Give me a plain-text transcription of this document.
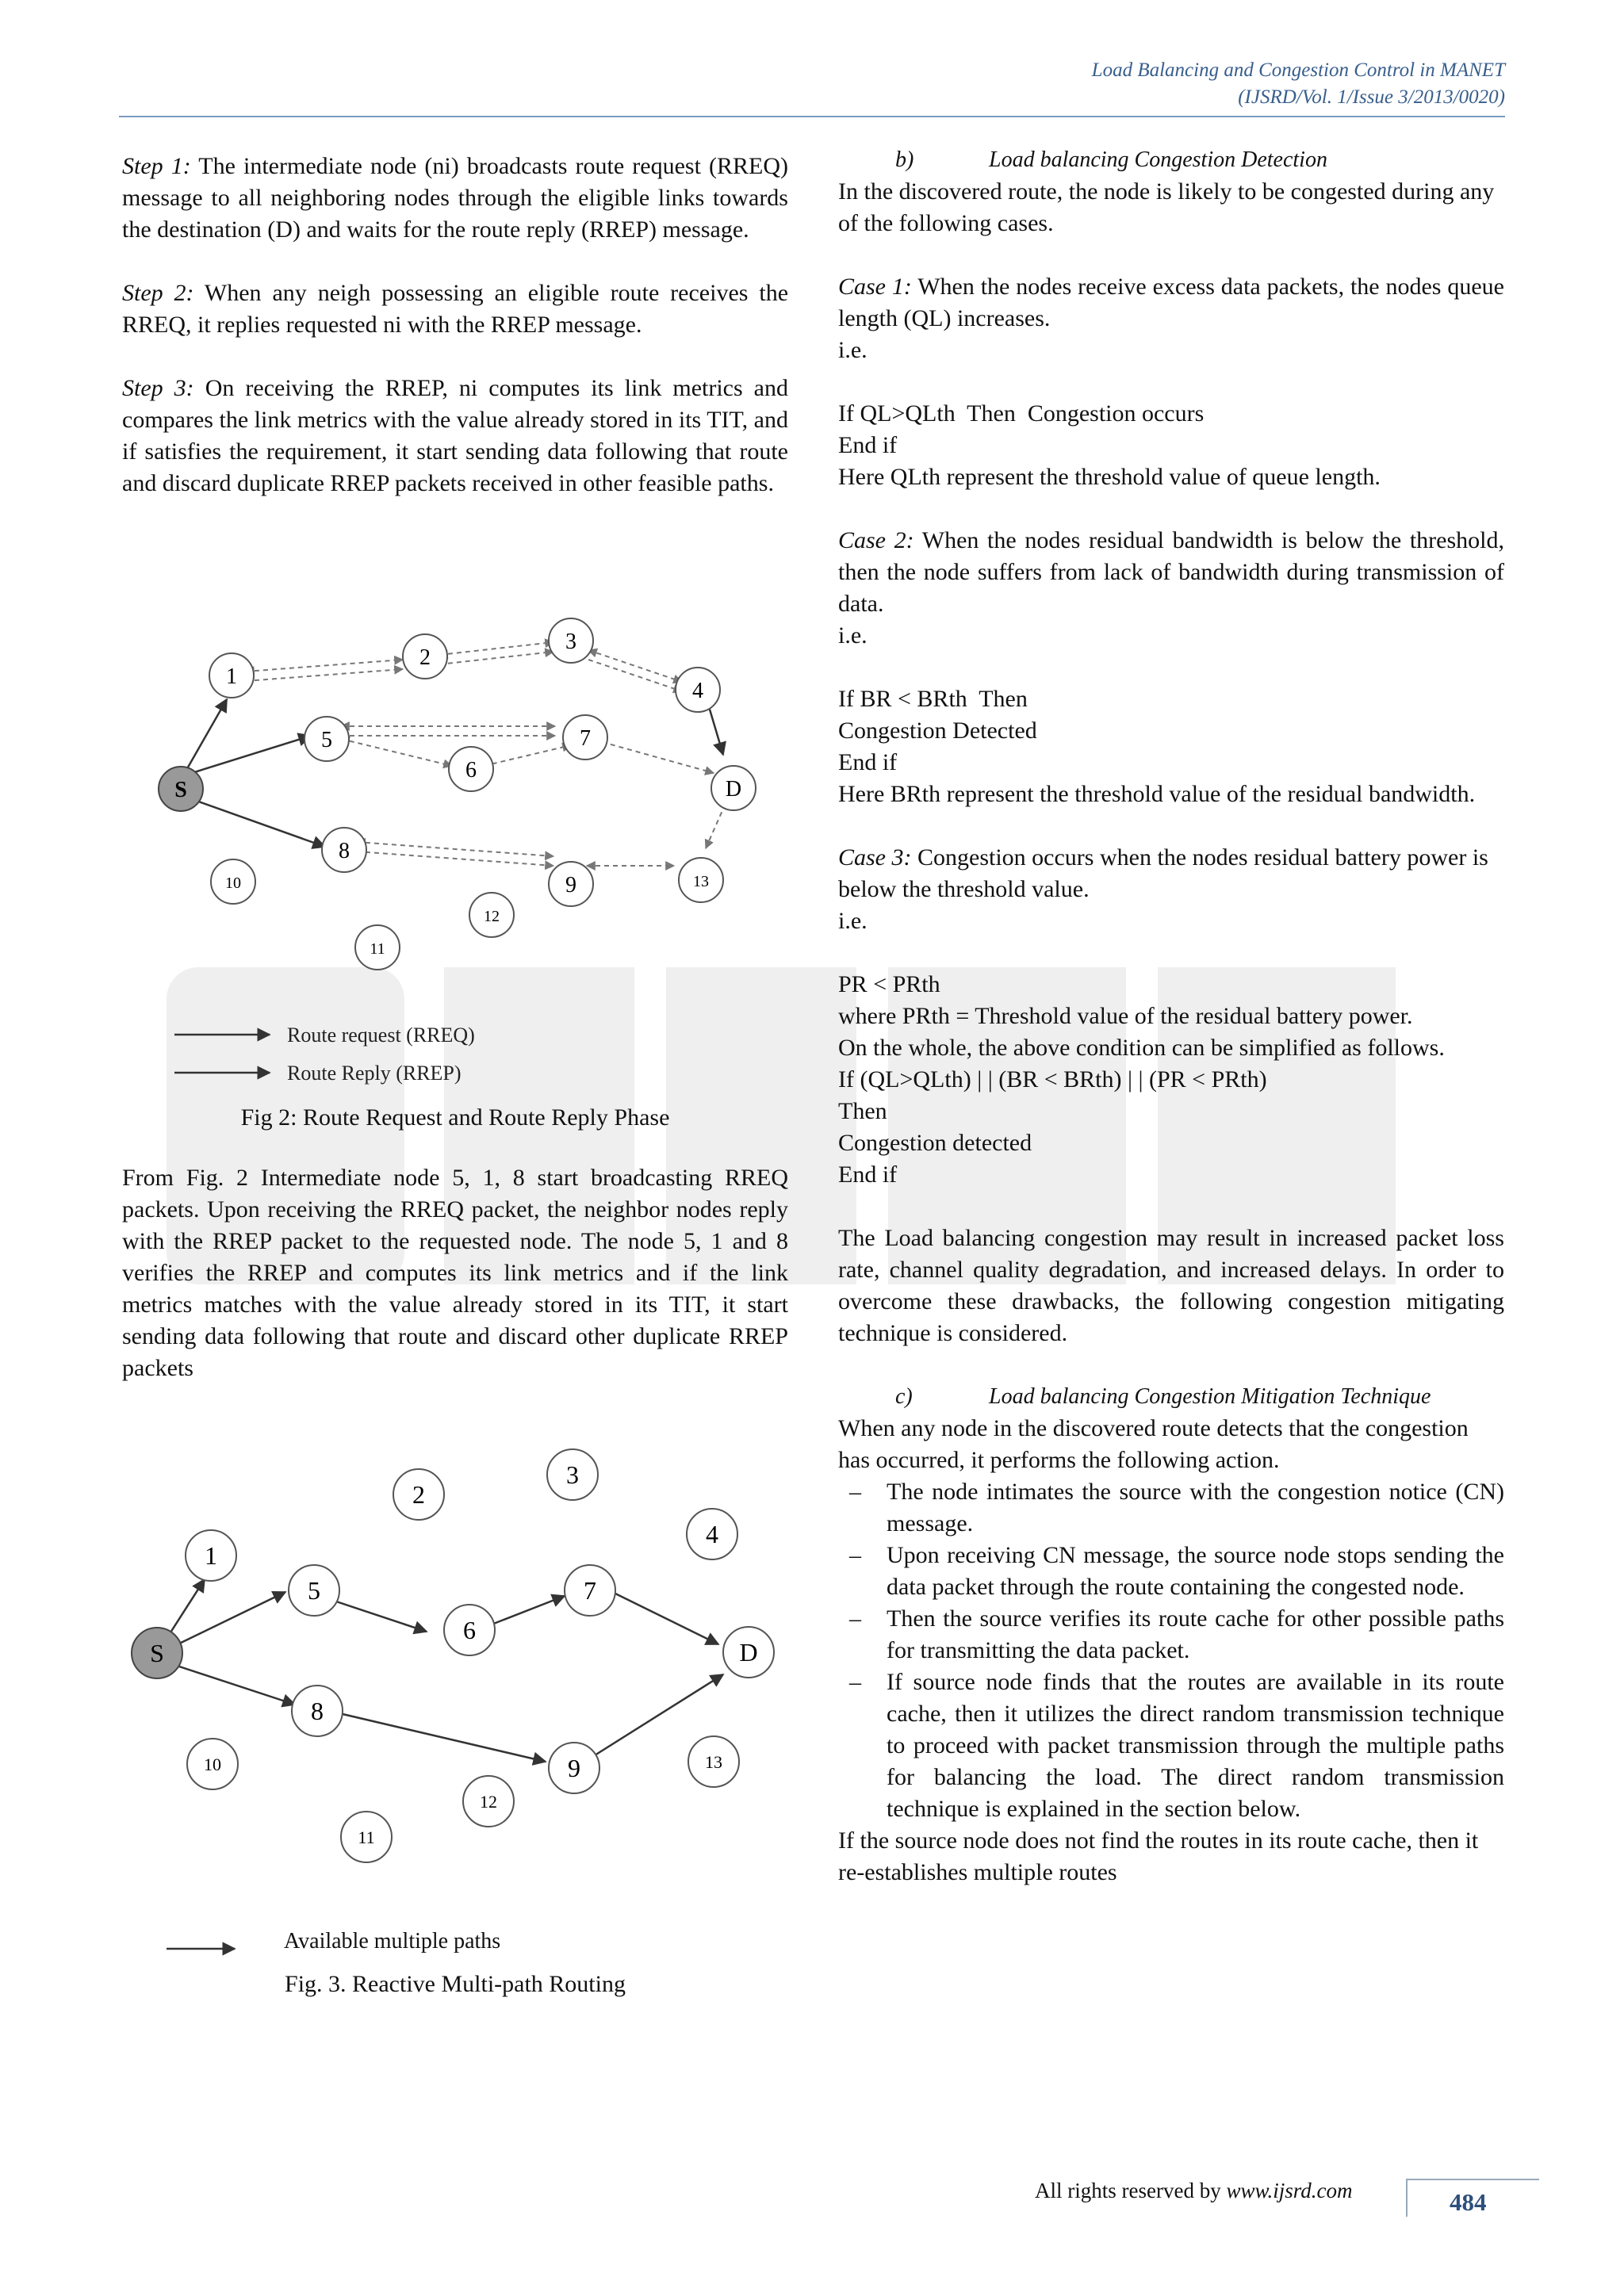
Load Balancing and Congestion Control in MANET
(IJSRD/Vol. 1/Issue 3/2013/0020)

Step 1: The intermediate node (ni) broadcasts route request (RREQ) message to all neighboring nodes through the eligible links towards the destination (D) and waits for the route reply (RREP) message.

Step 2: When any neigh possessing an eligible route receives the RREQ, it replies requested ni with the RREP message.

Step 3: On receiving the RREP, ni computes its link metrics and compares the link metrics with the value already stored in its TIT, and if satisfies the requirement, it start sending data following that route and discard duplicate RREP packets received in other feasible paths.

S
1
2
3
4
5
6
7
D
8
9
10
11
12
13
Route request (RREQ)
Route Reply (RREP)
Fig 2: Route Request and Route Reply Phase

From Fig. 2 Intermediate node 5, 1, 8 start broadcasting RREQ packets. Upon receiving the RREQ packet, the neighbor nodes reply with the RREP packet to the requested node. The node 5, 1 and 8 verifies the RREP and computes its link metrics and if the link metrics matches with the value already stored in its TIT, it start sending data following that route and discard other duplicate RREP packets

S
1
2
3
4
5
6
7
D
8
9
10
11
12
13
Available multiple paths
Fig. 3. Reactive Multi-path Routing

b)	Load balancing Congestion Detection

In the discovered route, the node is likely to be congested during any of the following cases.

Case 1: When the nodes receive excess data packets, the nodes queue length (QL) increases.

i.e.

If QL>QLth  Then  Congestion occurs

End if

Here QLth represent the threshold value of queue length.

Case 2: When the nodes residual bandwidth is below the threshold, then the node suffers from lack of bandwidth during transmission of data.

i.e.

If BR < BRth  Then

Congestion Detected

End if

Here BRth represent the threshold value of the residual bandwidth.

Case 3: Congestion occurs when the nodes residual battery power is below the threshold value.

i.e.

PR < PRth

where PRth = Threshold value of the residual battery power.

On the whole, the above condition can be simplified as follows.

If (QL>QLth) | | (BR < BRth) | | (PR < PRth)

Then

Congestion detected

End if

The Load balancing congestion may result in increased packet loss rate, channel quality degradation, and increased delays. In order to overcome these drawbacks, the following congestion mitigating technique is considered.

c)	Load balancing Congestion Mitigation Technique

When any node in the discovered route detects that the congestion has occurred, it performs the following action.

– The node intimates the source with the congestion notice (CN) message.
– Upon receiving CN message, the source node stops sending the data packet through the route containing the congested node.
– Then the source verifies its route cache for other possible paths for transmitting the data packet.
– If source node finds that the routes are available in its route cache, then it utilizes the direct random transmission technique to proceed with packet transmission through the multiple paths for balancing the load. The direct random transmission technique is explained in the section below.

If the source node does not find the routes in its route cache, then it re-establishes multiple routes

All rights reserved by www.ijsrd.com	484
